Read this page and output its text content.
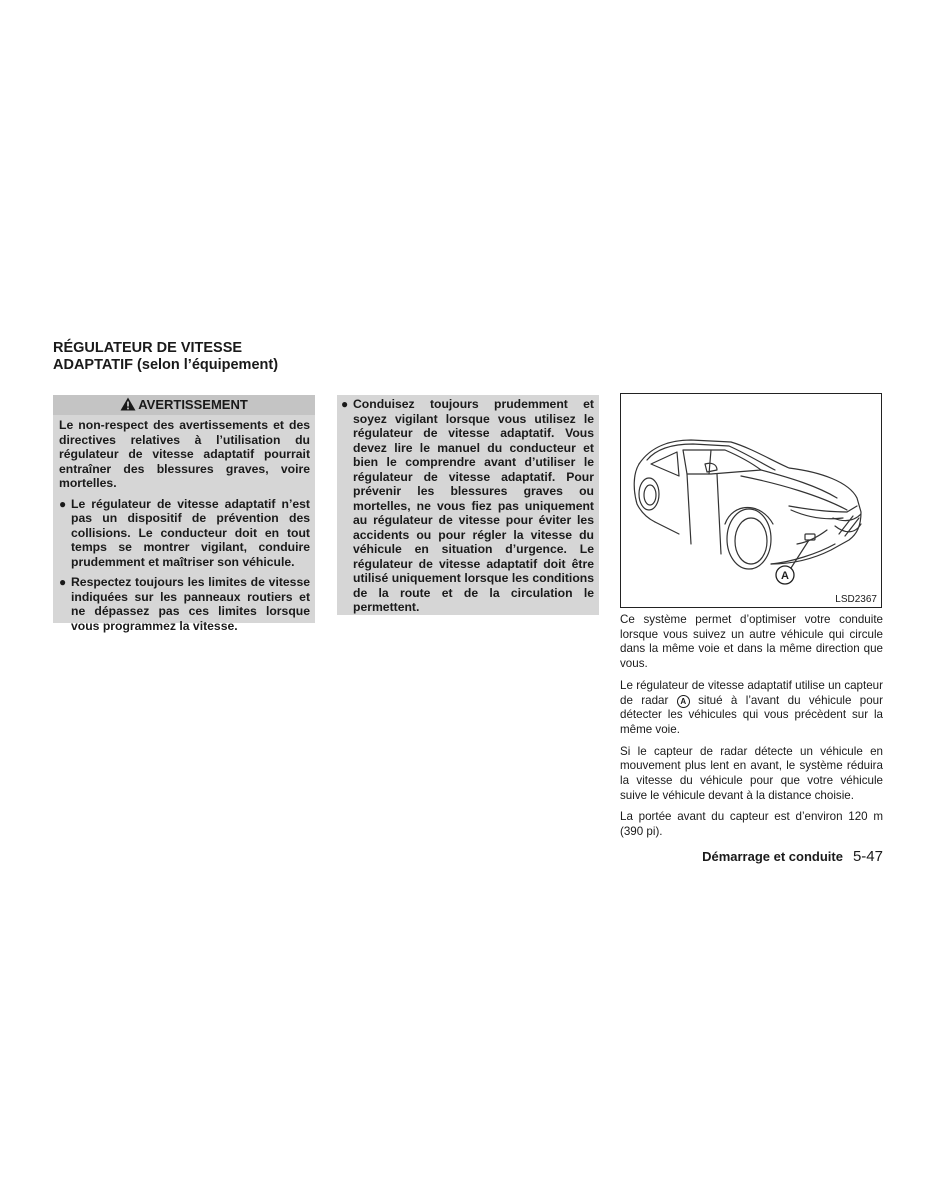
RÉGULATEUR DE VITESSE
ADAPTATIF (selon l’équipement)
AVERTISSEMENT

Le non-respect des avertissements et des directives relatives à l’utilisation du régulateur de vitesse adaptatif pourrait entraîner des blessures graves, voire mortelles.

● Le régulateur de vitesse adaptatif n’est pas un dispositif de prévention des collisions. Le conducteur doit en tout temps se montrer vigilant, conduire prudemment et maîtriser son véhicule.
● Respectez toujours les limites de vitesse indiquées sur les panneaux routiers et ne dépassez pas ces limites lorsque vous programmez la vitesse.
● Conduisez toujours prudemment et soyez vigilant lorsque vous utilisez le régulateur de vitesse adaptatif. Vous devez lire le manuel du conducteur et bien le comprendre avant d’utiliser le régulateur de vitesse adaptatif. Pour prévenir les blessures graves ou mortelles, ne vous fiez pas uniquement au régulateur de vitesse pour éviter les accidents ou pour régler la vitesse du véhicule en situation d’urgence. Le régulateur de vitesse adaptatif doit être utilisé uniquement lorsque les conditions de la route et de la circulation le permettent.
A
LSD2367

Ce système permet d’optimiser votre conduite lorsque vous suivez un autre véhicule qui circule dans la même voie et dans la même direction que vous.

Le régulateur de vitesse adaptatif utilise un capteur de radar A situé à l’avant du véhicule pour détecter les véhicules qui vous précèdent sur la même voie.

Si le capteur de radar détecte un véhicule en mouvement plus lent en avant, le système réduira la vitesse du véhicule pour que votre véhicule suive le véhicule devant à la distance choisie.

La portée avant du capteur est d’environ 120 m (390 pi).

Démarrage et conduite 5-47
